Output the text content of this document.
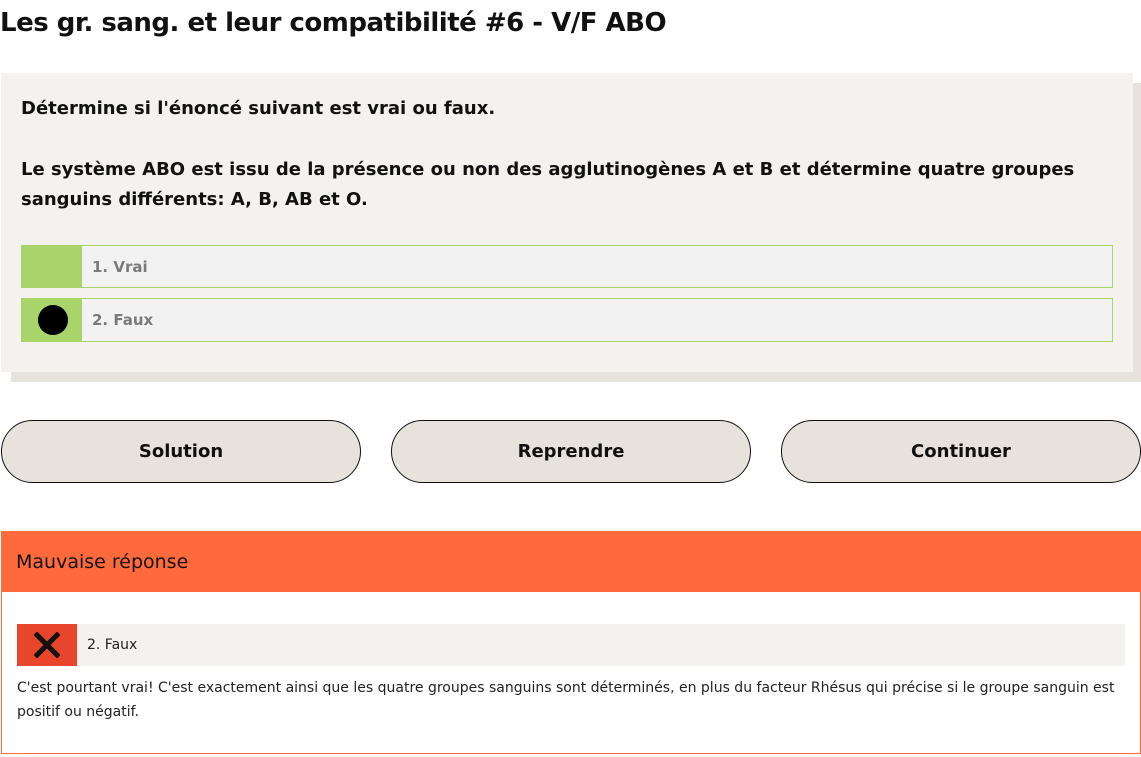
Les gr. sang. et leur compatibilité #6 - V/F ABO

Détermine si l'énoncé suivant est vrai ou faux.

Le système ABO est issu de la présence ou non des agglutinogènes A et B et détermine quatre groupes sanguins différents: A, B, AB et O.

1. Vrai
2. Faux
Solution	Reprendre	Continuer
Mauvaise réponse
2. Faux

C'est pourtant vrai! C'est exactement ainsi que les quatre groupes sanguins sont déterminés, en plus du facteur Rhésus qui précise si le groupe sanguin est positif ou négatif.
